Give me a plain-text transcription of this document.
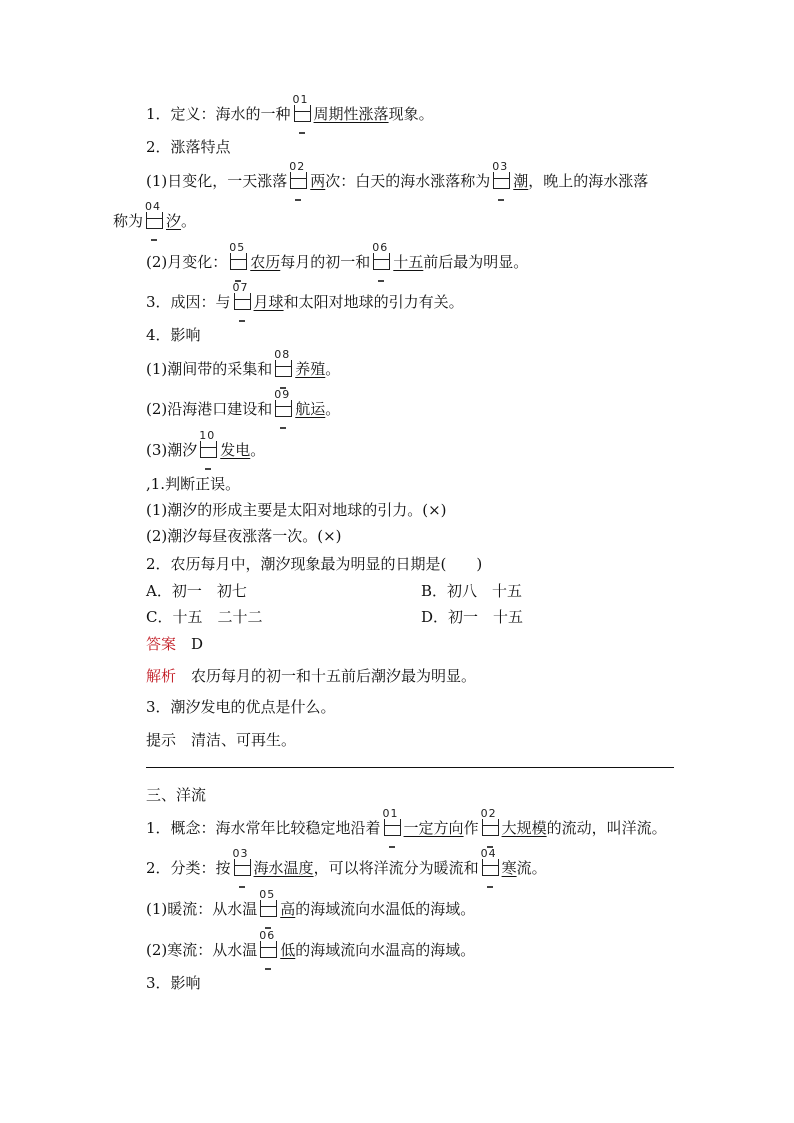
1．定义：海水的一种
01
周期性涨落现象。
2．涨落特点
(1)日变化，一天涨落
02
两次：白天的海水涨落称为
03
潮，晚上的海水涨落
称为
04
汐。
(2)月变化：
05
农历每月的初一和
06
十五前后最为明显。
3．成因：与
07
月球和太阳对地球的引力有关。
4．影响
(1)潮间带的采集和
08
养殖。
(2)沿海港口建设和
09
航运。
(3)潮汐
10
发电。
,1.判断正误。
(1)潮汐的形成主要是太阳对地球的引力。(×)
(2)潮汐每昼夜涨落一次。(×)
2．农历每月中，潮汐现象最为明显的日期是(　　)
A．初一　初七	B．初八　十五
C．十五　二十二	D．初一　十五
答案　 D
解析　 农历每月的初一和十五前后潮汐最为明显。
3．潮汐发电的优点是什么。
提示　 清洁、可再生。
三、洋流
1．概念：海水常年比较稳定地沿着
01
一定方向作
02
大规模的流动，叫洋流。
2．分类：按
03
海水温度，可以将洋流分为暖流和
04
寒流。
(1)暖流：从水温
05
高的海域流向水温低的海域。
(2)寒流：从水温
06
低的海域流向水温高的海域。
3．影响
